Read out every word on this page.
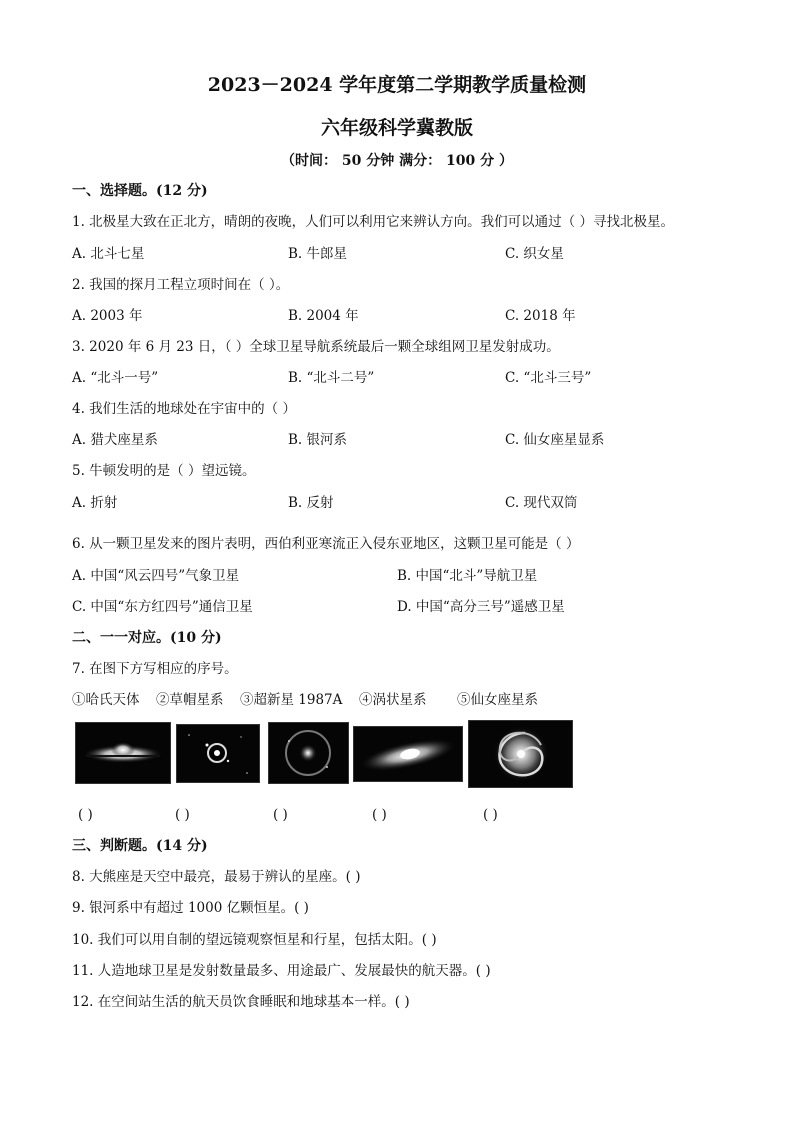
2023－2024 学年度第二学期教学质量检测
六年级科学冀教版
（时间： 50 分钟 满分： 100 分 ）
一、选择题。(12 分)
1. 北极星大致在正北方，晴朗的夜晚，人们可以利用它来辨认方向。我们可以通过（ ）寻找北极星。
A. 北斗七星	B. 牛郎星	C. 织女星
2. 我国的探月工程立项时间在（ ）。
A. 2003 年	B. 2004 年	C. 2018 年
3. 2020 年 6 月 23 日，（ ）全球卫星导航系统最后一颗全球组网卫星发射成功。
A. “北斗一号”	B. “北斗二号”	C. “北斗三号”
4. 我们生活的地球处在宇宙中的（ ）
A. 猎犬座星系	B. 银河系	C. 仙女座星显系
5. 牛顿发明的是（ ）望远镜。
A. 折射	B. 反射	C. 现代双筒
6. 从一颗卫星发来的图片表明，西伯利亚寒流正入侵东亚地区，这颗卫星可能是（ ）
A. 中国“风云四号”气象卫星	B. 中国“北斗”导航卫星
C. 中国“东方红四号”通信卫星	D. 中国“高分三号”遥感卫星
二、一一对应。(10 分)
7. 在图下方写相应的序号。
①哈氏天体 ②草帽星系 ③超新星 1987A ④涡状星系 ⑤仙女座星系
( )	( )	( )	( )	( )
三、判断题。(14 分)
8. 大熊座是天空中最亮，最易于辨认的星座。( )
9. 银河系中有超过 1000 亿颗恒星。( )
10. 我们可以用自制的望远镜观察恒星和行星，包括太阳。( )
11. 人造地球卫星是发射数量最多、用途最广、发展最快的航天器。( )
12. 在空间站生活的航天员饮食睡眠和地球基本一样。( )
